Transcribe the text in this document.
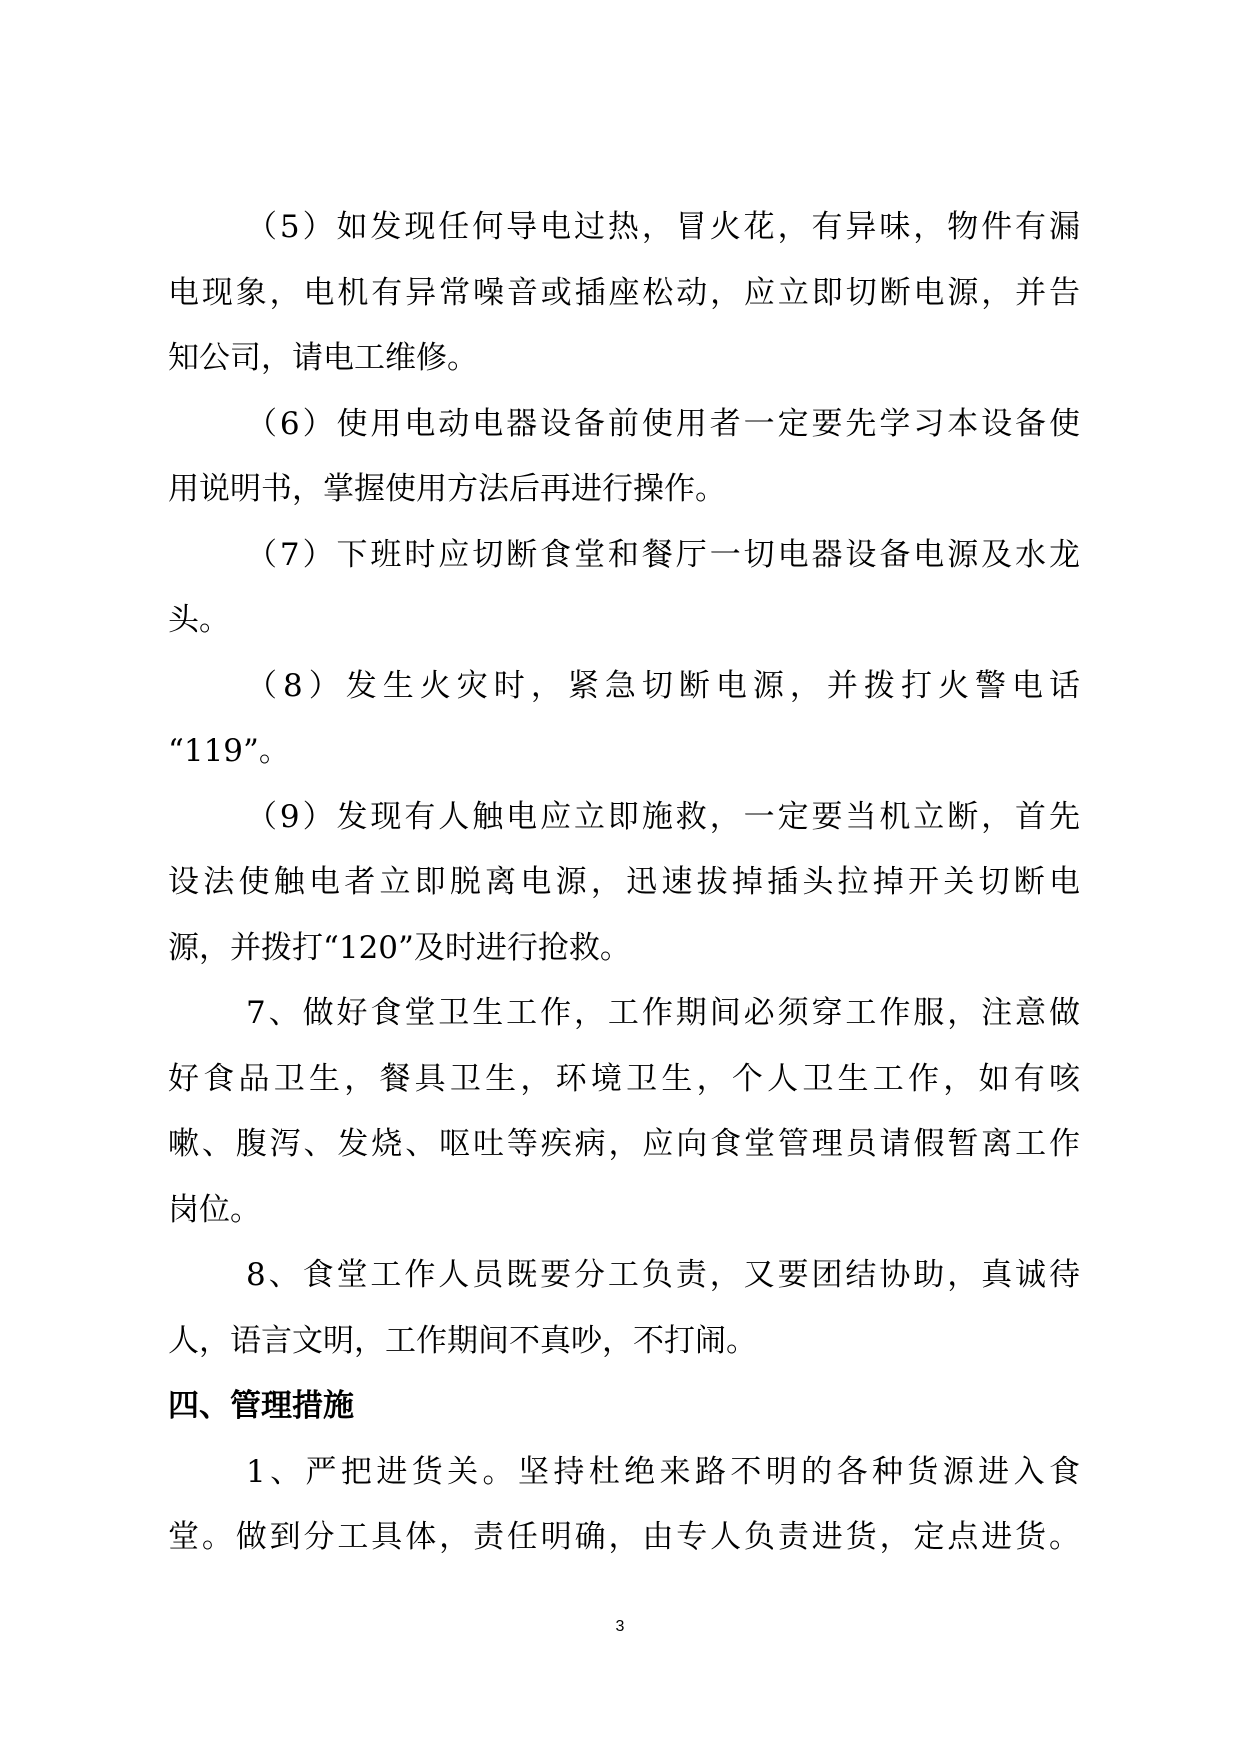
（5）如发现任何导电过热，冒火花，有异味，物件有漏
电现象，电机有异常噪音或插座松动，应立即切断电源，并告
知公司，请电工维修。
（6）使用电动电器设备前使用者一定要先学习本设备使
用说明书，掌握使用方法后再进行操作。
（7）下班时应切断食堂和餐厅一切电器设备电源及水龙
头。
（8）发生火灾时，紧急切断电源，并拨打火警电话
“119”。
（9）发现有人触电应立即施救，一定要当机立断，首先
设法使触电者立即脱离电源，迅速拔掉插头拉掉开关切断电
源，并拨打“120”及时进行抢救。
7、做好食堂卫生工作，工作期间必须穿工作服，注意做
好食品卫生，餐具卫生，环境卫生，个人卫生工作，如有咳
嗽、腹泻、发烧、呕吐等疾病，应向食堂管理员请假暂离工作
岗位。
8、食堂工作人员既要分工负责，又要团结协助，真诚待
人，语言文明，工作期间不真吵，不打闹。
四、管理措施
1、严把进货关。坚持杜绝来路不明的各种货源进入食
堂。做到分工具体，责任明确，由专人负责进货，定点进货。
3
